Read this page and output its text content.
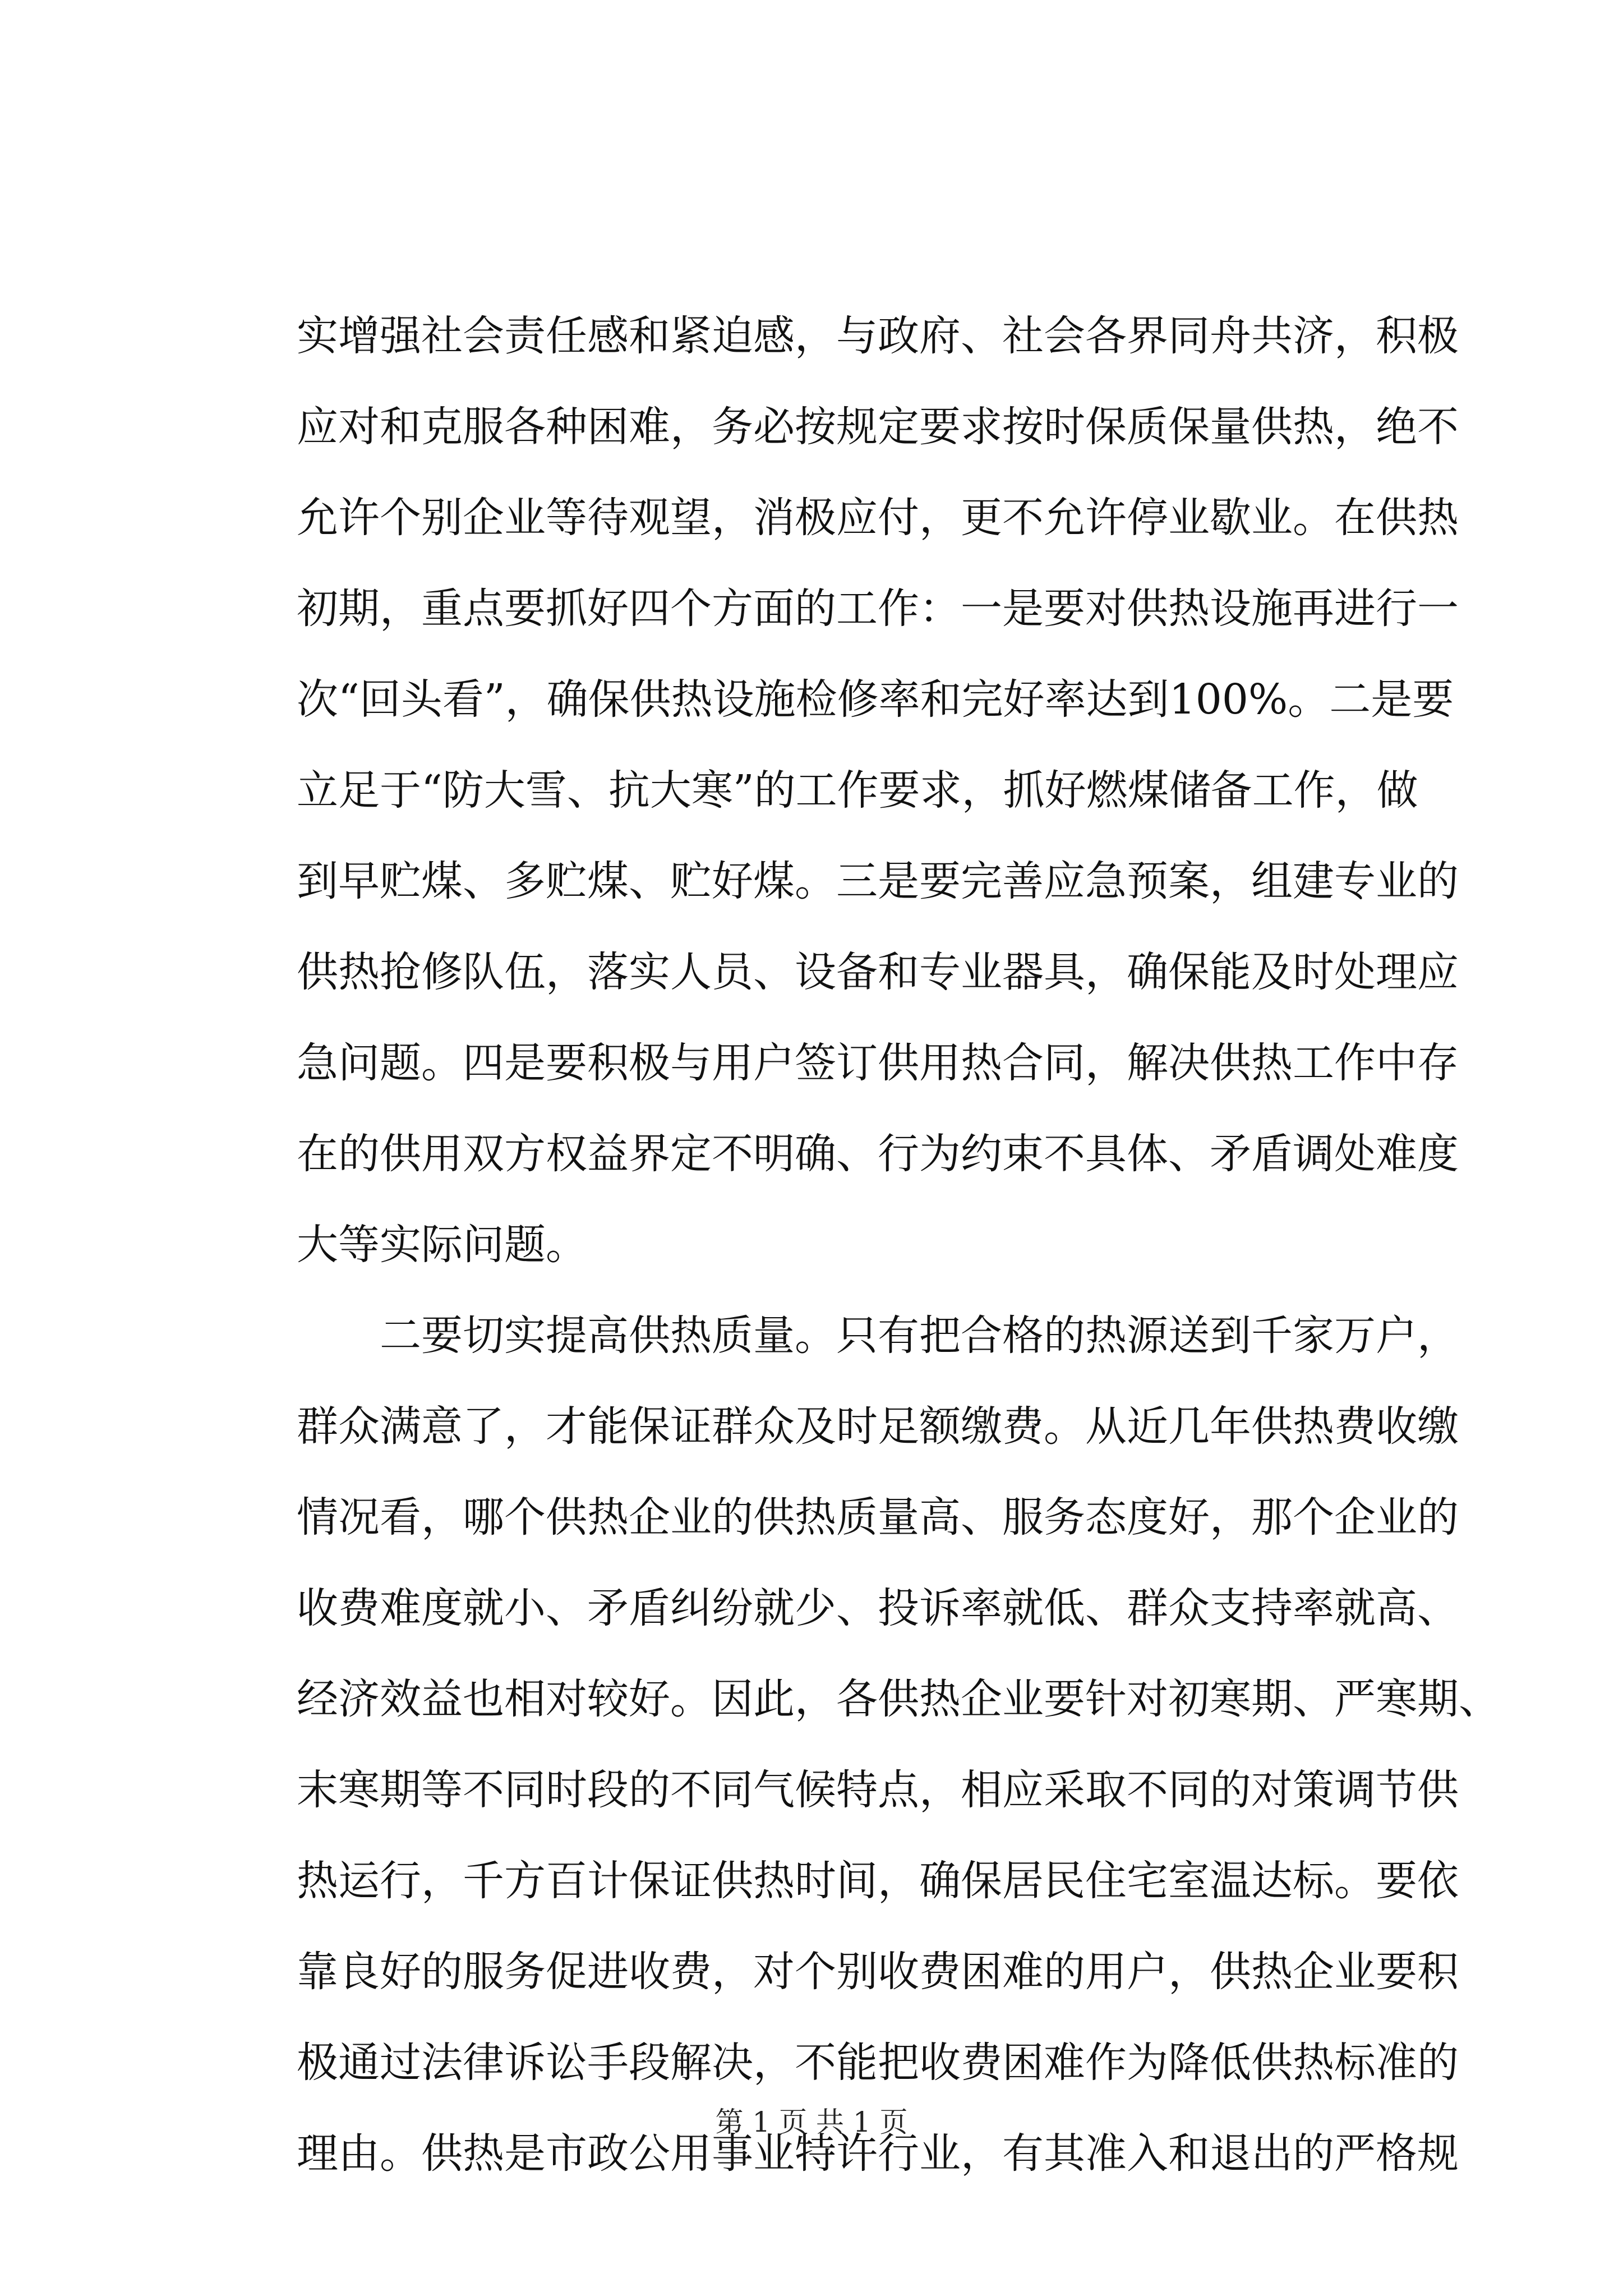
实增强社会责任感和紧迫感，与政府、社会各界同舟共济，积极
应对和克服各种困难，务必按规定要求按时保质保量供热，绝不
允许个别企业等待观望，消极应付，更不允许停业歇业。在供热
初期，重点要抓好四个方面的工作：一是要对供热设施再进行一
次“回头看”，确保供热设施检修率和完好率达到100%。二是要
立足于“防大雪、抗大寒”的工作要求，抓好燃煤储备工作，做
到早贮煤、多贮煤、贮好煤。三是要完善应急预案，组建专业的
供热抢修队伍，落实人员、设备和专业器具，确保能及时处理应
急问题。四是要积极与用户签订供用热合同，解决供热工作中存
在的供用双方权益界定不明确、行为约束不具体、矛盾调处难度
大等实际问题。
二要切实提高供热质量。只有把合格的热源送到千家万户，
群众满意了，才能保证群众及时足额缴费。从近几年供热费收缴
情况看，哪个供热企业的供热质量高、服务态度好，那个企业的
收费难度就小、矛盾纠纷就少、投诉率就低、群众支持率就高、
经济效益也相对较好。因此，各供热企业要针对初寒期、严寒期、
末寒期等不同时段的不同气候特点，相应采取不同的对策调节供
热运行，千方百计保证供热时间，确保居民住宅室温达标。要依
靠良好的服务促进收费，对个别收费困难的用户，供热企业要积
极通过法律诉讼手段解决，不能把收费困难作为降低供热标准的
理由。供热是市政公用事业特许行业，有其准入和退出的严格规
第 1 页 共 1 页
